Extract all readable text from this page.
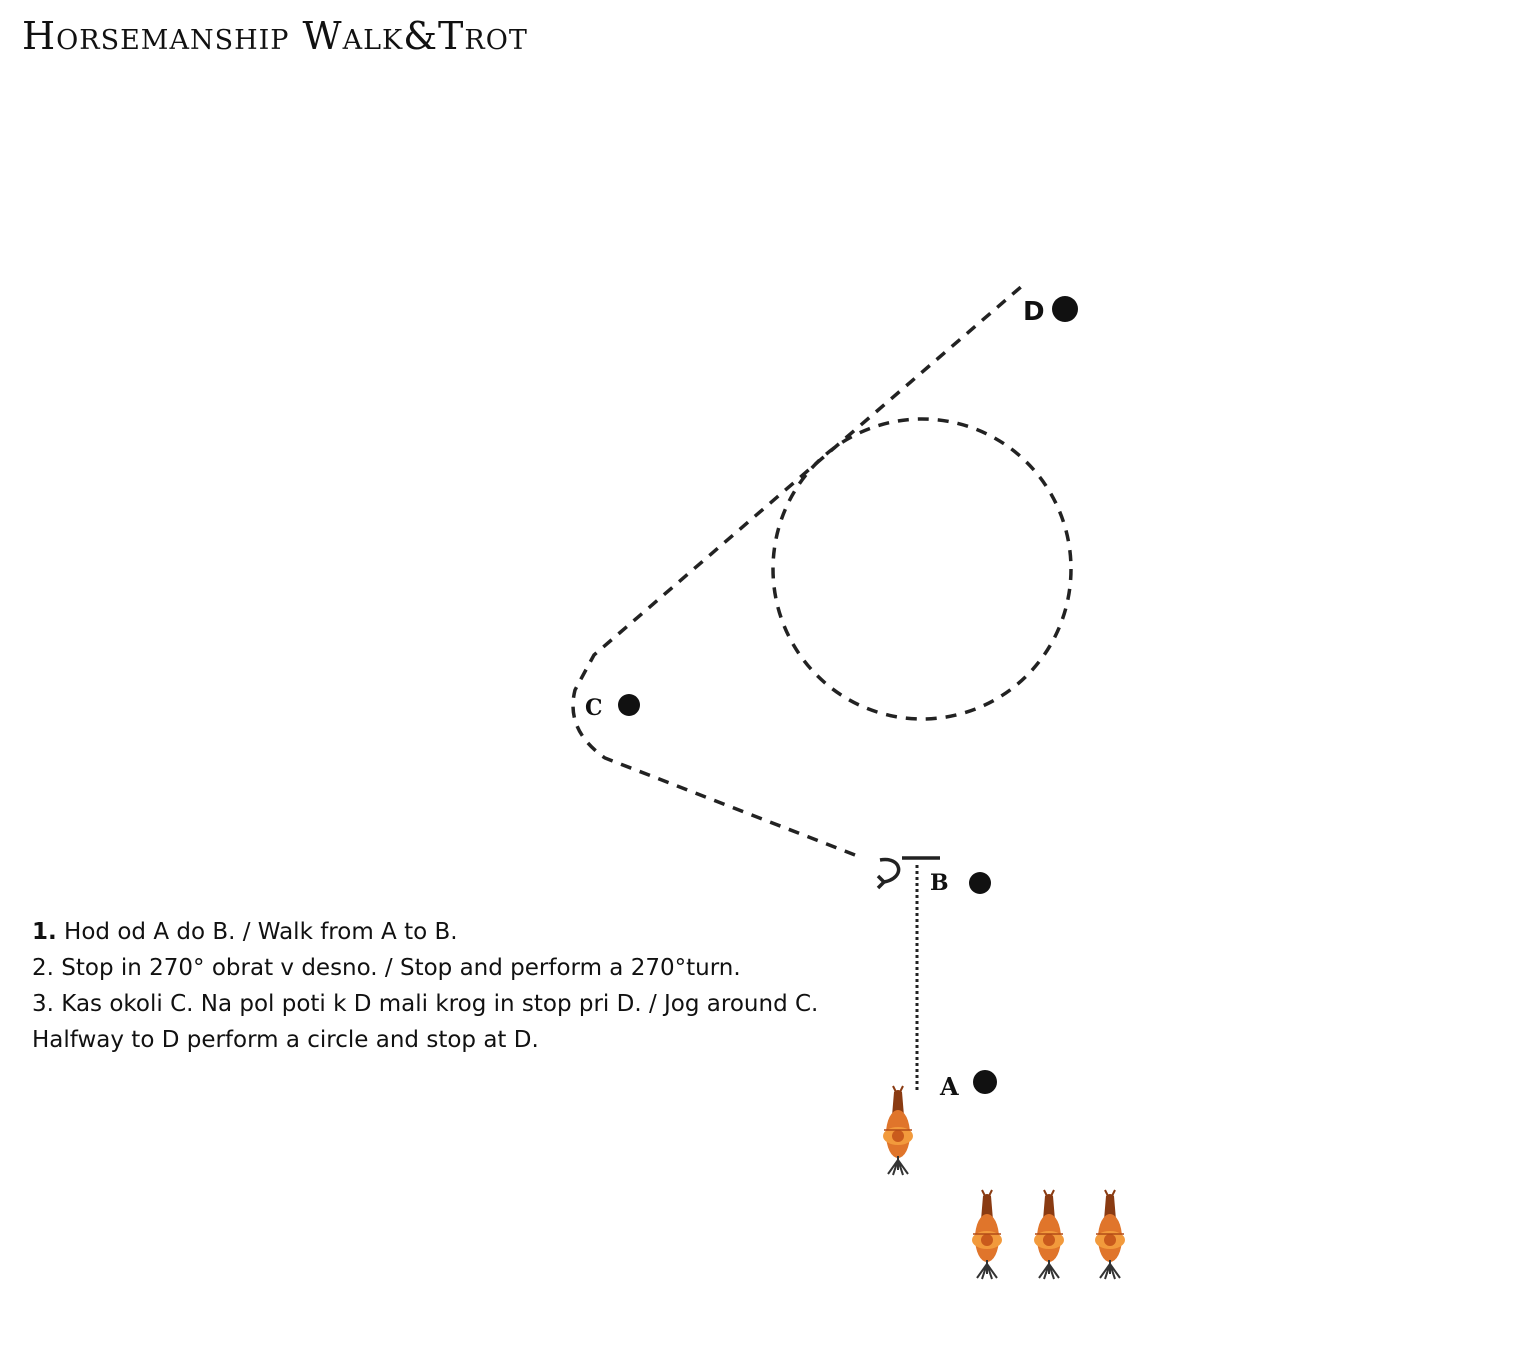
Horsemanship Walk&Trot
D
C
B
A

1. Hod od A do B. / Walk from A to B.

2. Stop in 270° obrat v desno. / Stop and perform a 270°turn.

3. Kas okoli C. Na pol poti k D mali krog in stop pri D. / Jog around C.

Halfway to D perform a circle and stop at D.
